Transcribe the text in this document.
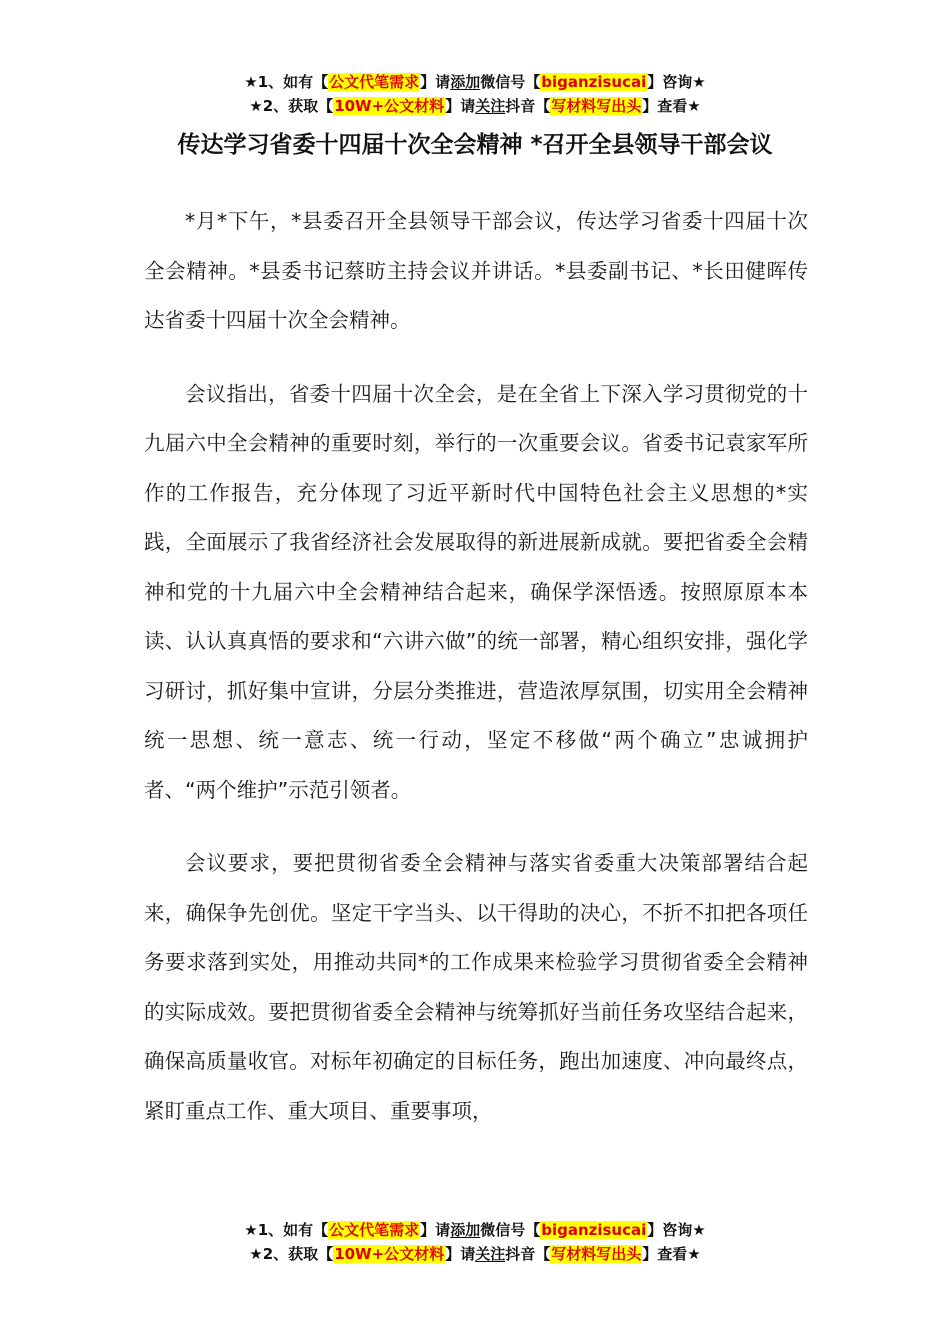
★1、如有【公文代笔需求】请添加微信号【biganzisucai】咨询★
★2、获取【10W+公文材料】请关注抖音【写材料写出头】查看★
传达学习省委十四届十次全会精神 *召开全县领导干部会议

*月*下午，*县委召开全县领导干部会议，传达学习省委十四届十次全会精神。*县委书记蔡昉主持会议并讲话。*县委副书记、*长田健晖传达省委十四届十次全会精神。

会议指出，省委十四届十次全会，是在全省上下深入学习贯彻党的十九届六中全会精神的重要时刻，举行的一次重要会议。省委书记袁家军所作的工作报告，充分体现了习近平新时代中国特色社会主义思想的*实践，全面展示了我省经济社会发展取得的新进展新成就。要把省委全会精神和党的十九届六中全会精神结合起来，确保学深悟透。按照原原本本读、认认真真悟的要求和“六讲六做”的统一部署，精心组织安排，强化学习研讨，抓好集中宣讲，分层分类推进，营造浓厚氛围，切实用全会精神统一思想、统一意志、统一行动，坚定不移做“两个确立”忠诚拥护者、“两个维护”示范引领者。

会议要求，要把贯彻省委全会精神与落实省委重大决策部署结合起来，确保争先创优。坚定干字当头、以干得助的决心，不折不扣把各项任务要求落到实处，用推动共同*的工作成果来检验学习贯彻省委全会精神的实际成效。要把贯彻省委全会精神与统筹抓好当前任务攻坚结合起来，确保高质量收官。对标年初确定的目标任务，跑出加速度、冲向最终点，紧盯重点工作、重大项目、重要事项，

★1、如有【公文代笔需求】请添加微信号【biganzisucai】咨询★
★2、获取【10W+公文材料】请关注抖音【写材料写出头】查看★
